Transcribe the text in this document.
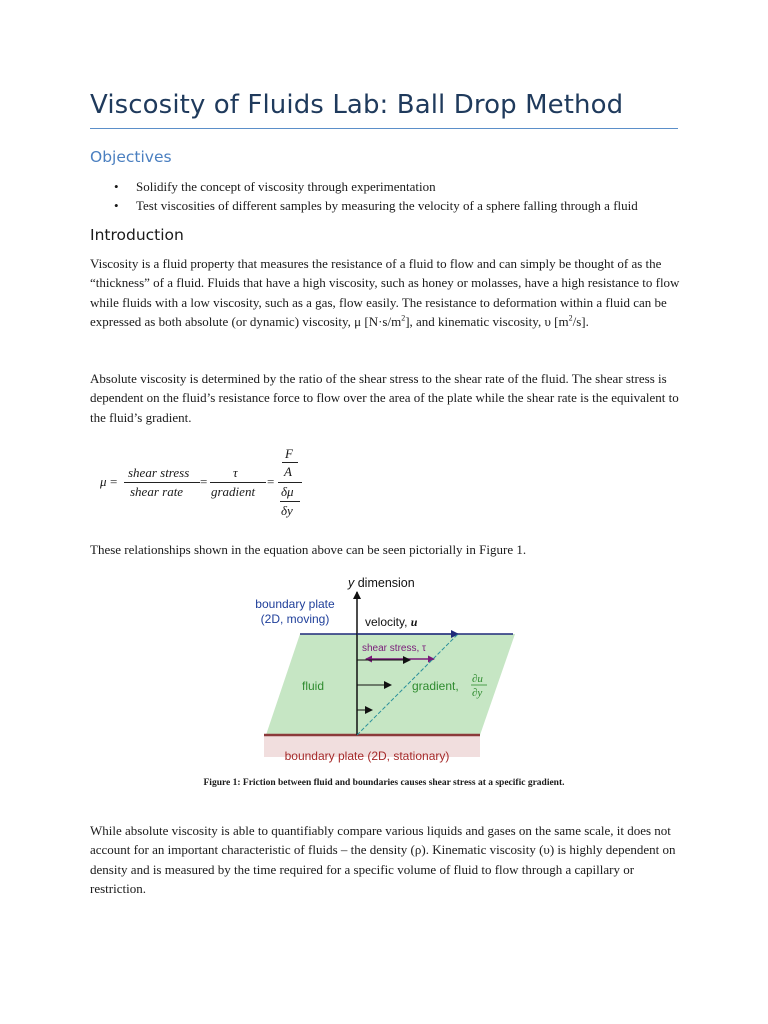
Viscosity of Fluids Lab: Ball Drop Method
Objectives
• Solidify the concept of viscosity through experimentation
• Test viscosities of different samples by measuring the velocity of a sphere falling through a fluid
Introduction

Viscosity is a fluid property that measures the resistance of a fluid to flow and can simply be thought of as the “thickness” of a fluid. Fluids that have a high viscosity, such as honey or molasses, have a high resistance to flow while fluids with a low viscosity, such as a gas, flow easily. The resistance to deformation within a fluid can be expressed as both absolute (or dynamic) viscosity, μ $[N\cdot s/m^2]$, and kinematic viscosity, υ $[m^2/s]$.

Absolute viscosity is determined by the ratio of the shear stress to the shear rate of the fluid. The shear stress is dependent on the fluid’s resistance force to flow over the area of the plate while the shear rate is the equivalent to the fluid’s gradient.

μ =
shear stress
shear rate
=
τ
gradient
=
F
A
δμ
δy

These relationships shown in the equation above can be seen pictorially in Figure 1.

y dimension
boundary plate
(2D, moving)	velocity, u
shear stress, τ
fluid	gradient, ∂u
∂y
boundary plate (2D, stationary)

Figure 1: Friction between fluid and boundaries causes shear stress at a specific gradient.

While absolute viscosity is able to quantifiably compare various liquids and gases on the same scale, it does not account for an important characteristic of fluids – the density (ρ). Kinematic viscosity (υ) is highly dependent on density and is measured by the time required for a specific volume of fluid to flow through a capillary or restriction.
